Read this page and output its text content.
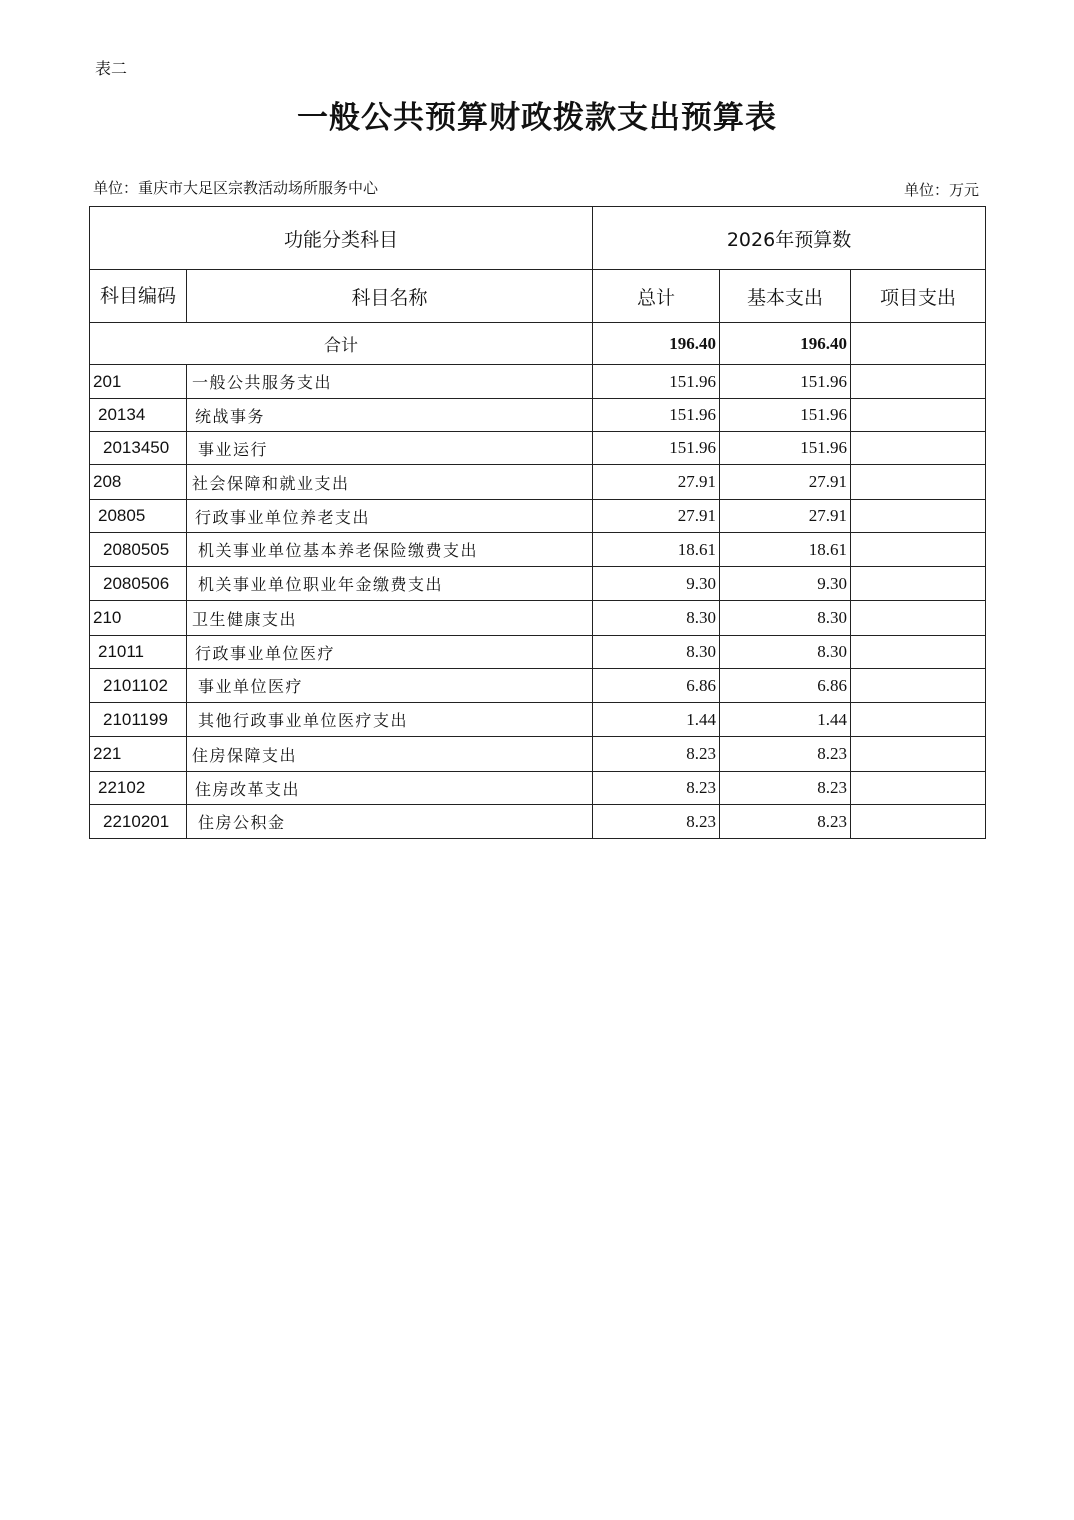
表二
一般公共预算财政拨款支出预算表
单位：重庆市大足区宗教活动场所服务中心	单位：万元
功能分类科目		2026年预算数		
科目编码	科目名称	总计	基本支出	项目支出
合计		196.40	196.40	
201	一般公共服务支出	151.96	151.96	
20134	统战事务	151.96	151.96	
2013450	事业运行	151.96	151.96	
208	社会保障和就业支出	27.91	27.91	
20805	行政事业单位养老支出	27.91	27.91	
2080505	机关事业单位基本养老保险缴费支出	18.61	18.61	
2080506	机关事业单位职业年金缴费支出	9.30	9.30	
210	卫生健康支出	8.30	8.30	
21011	行政事业单位医疗	8.30	8.30	
2101102	事业单位医疗	6.86	6.86	
2101199	其他行政事业单位医疗支出	1.44	1.44	
221	住房保障支出	8.23	8.23	
22102	住房改革支出	8.23	8.23	
2210201	住房公积金	8.23	8.23	
